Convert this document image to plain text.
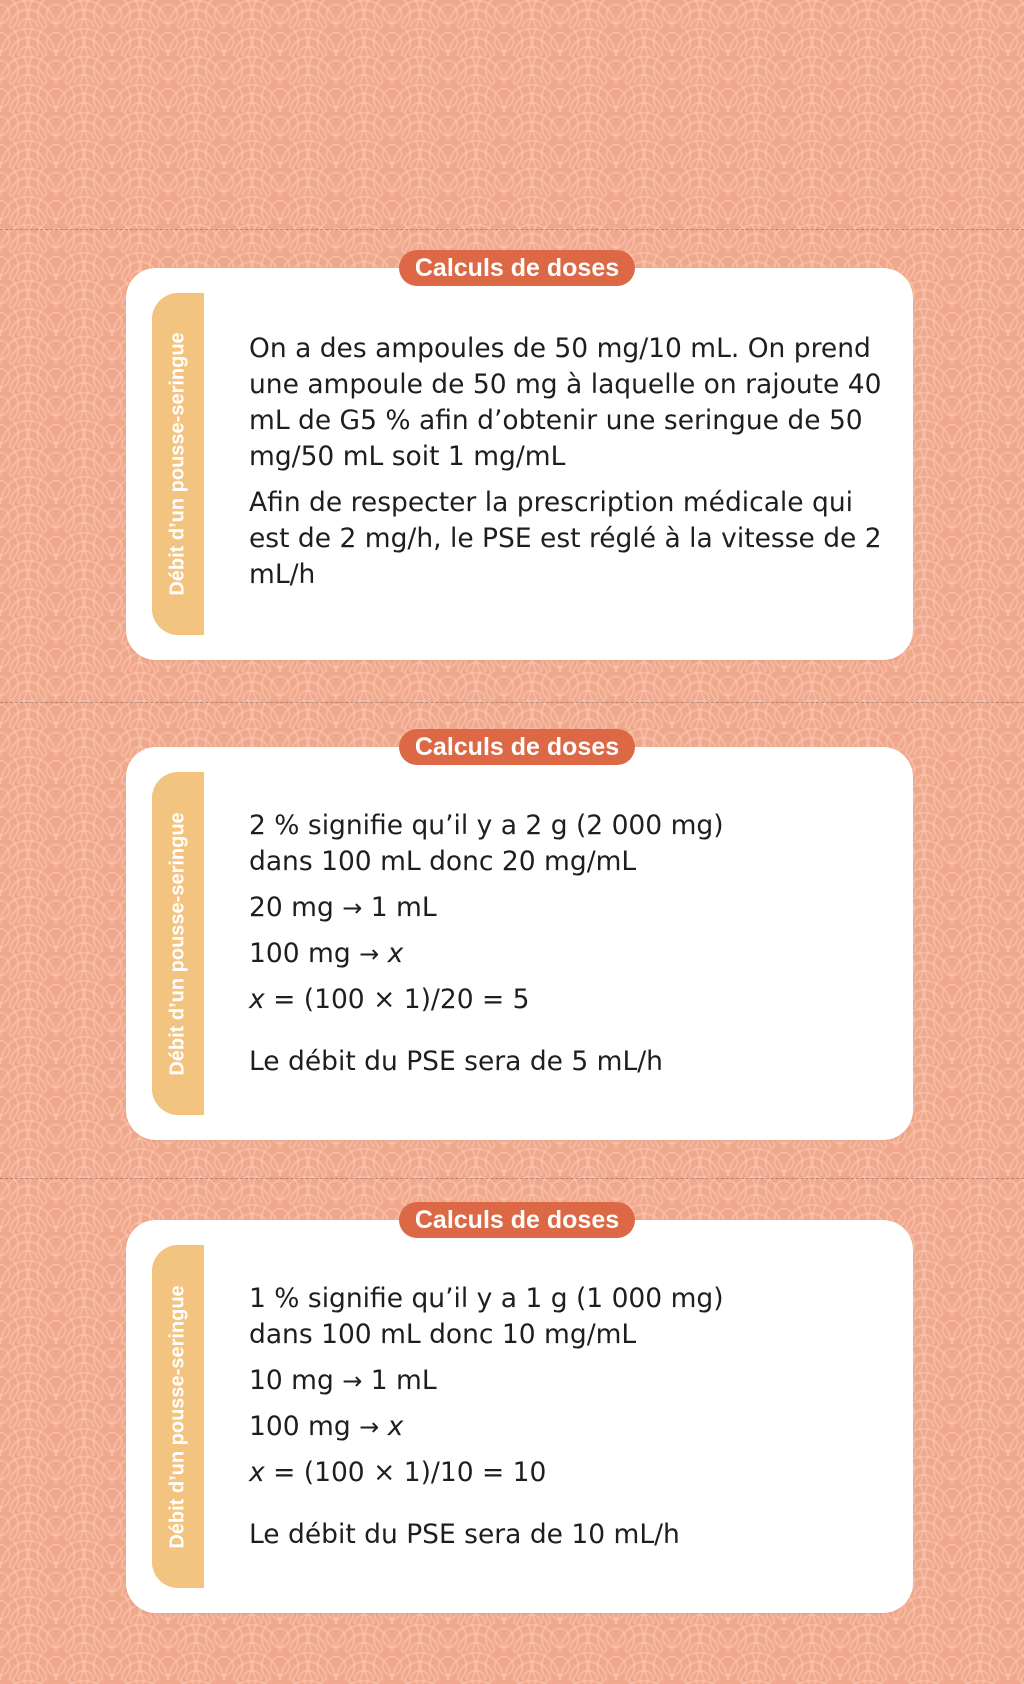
Calculs de doses
Débit d’un pousse-seringue On a des ampoules de 50 mg/10 mL. On prend une ampoule de 50 mg à laquelle on rajoute 40 mL de G5 % afin d’obtenir une seringue de 50 mg/50 mL soit 1 mg/mL

Afin de respecter la prescription médicale qui est de 2 mg/h, le PSE est réglé à la vitesse de 2 mL/h

Calculs de doses
Débit d’un pousse-seringue 2 % signifie qu’il y a 2 g (2 000 mg)

dans 100 mL donc 20 mg/mL

20 mg → 1 mL

100 mg → x

x = (100 × 1)/20 = 5

Le débit du PSE sera de 5 mL/h

Calculs de doses
Débit d’un pousse-seringue 1 % signifie qu’il y a 1 g (1 000 mg)

dans 100 mL donc 10 mg/mL

10 mg → 1 mL

100 mg → x

x = (100 × 1)/10 = 10

Le débit du PSE sera de 10 mL/h
